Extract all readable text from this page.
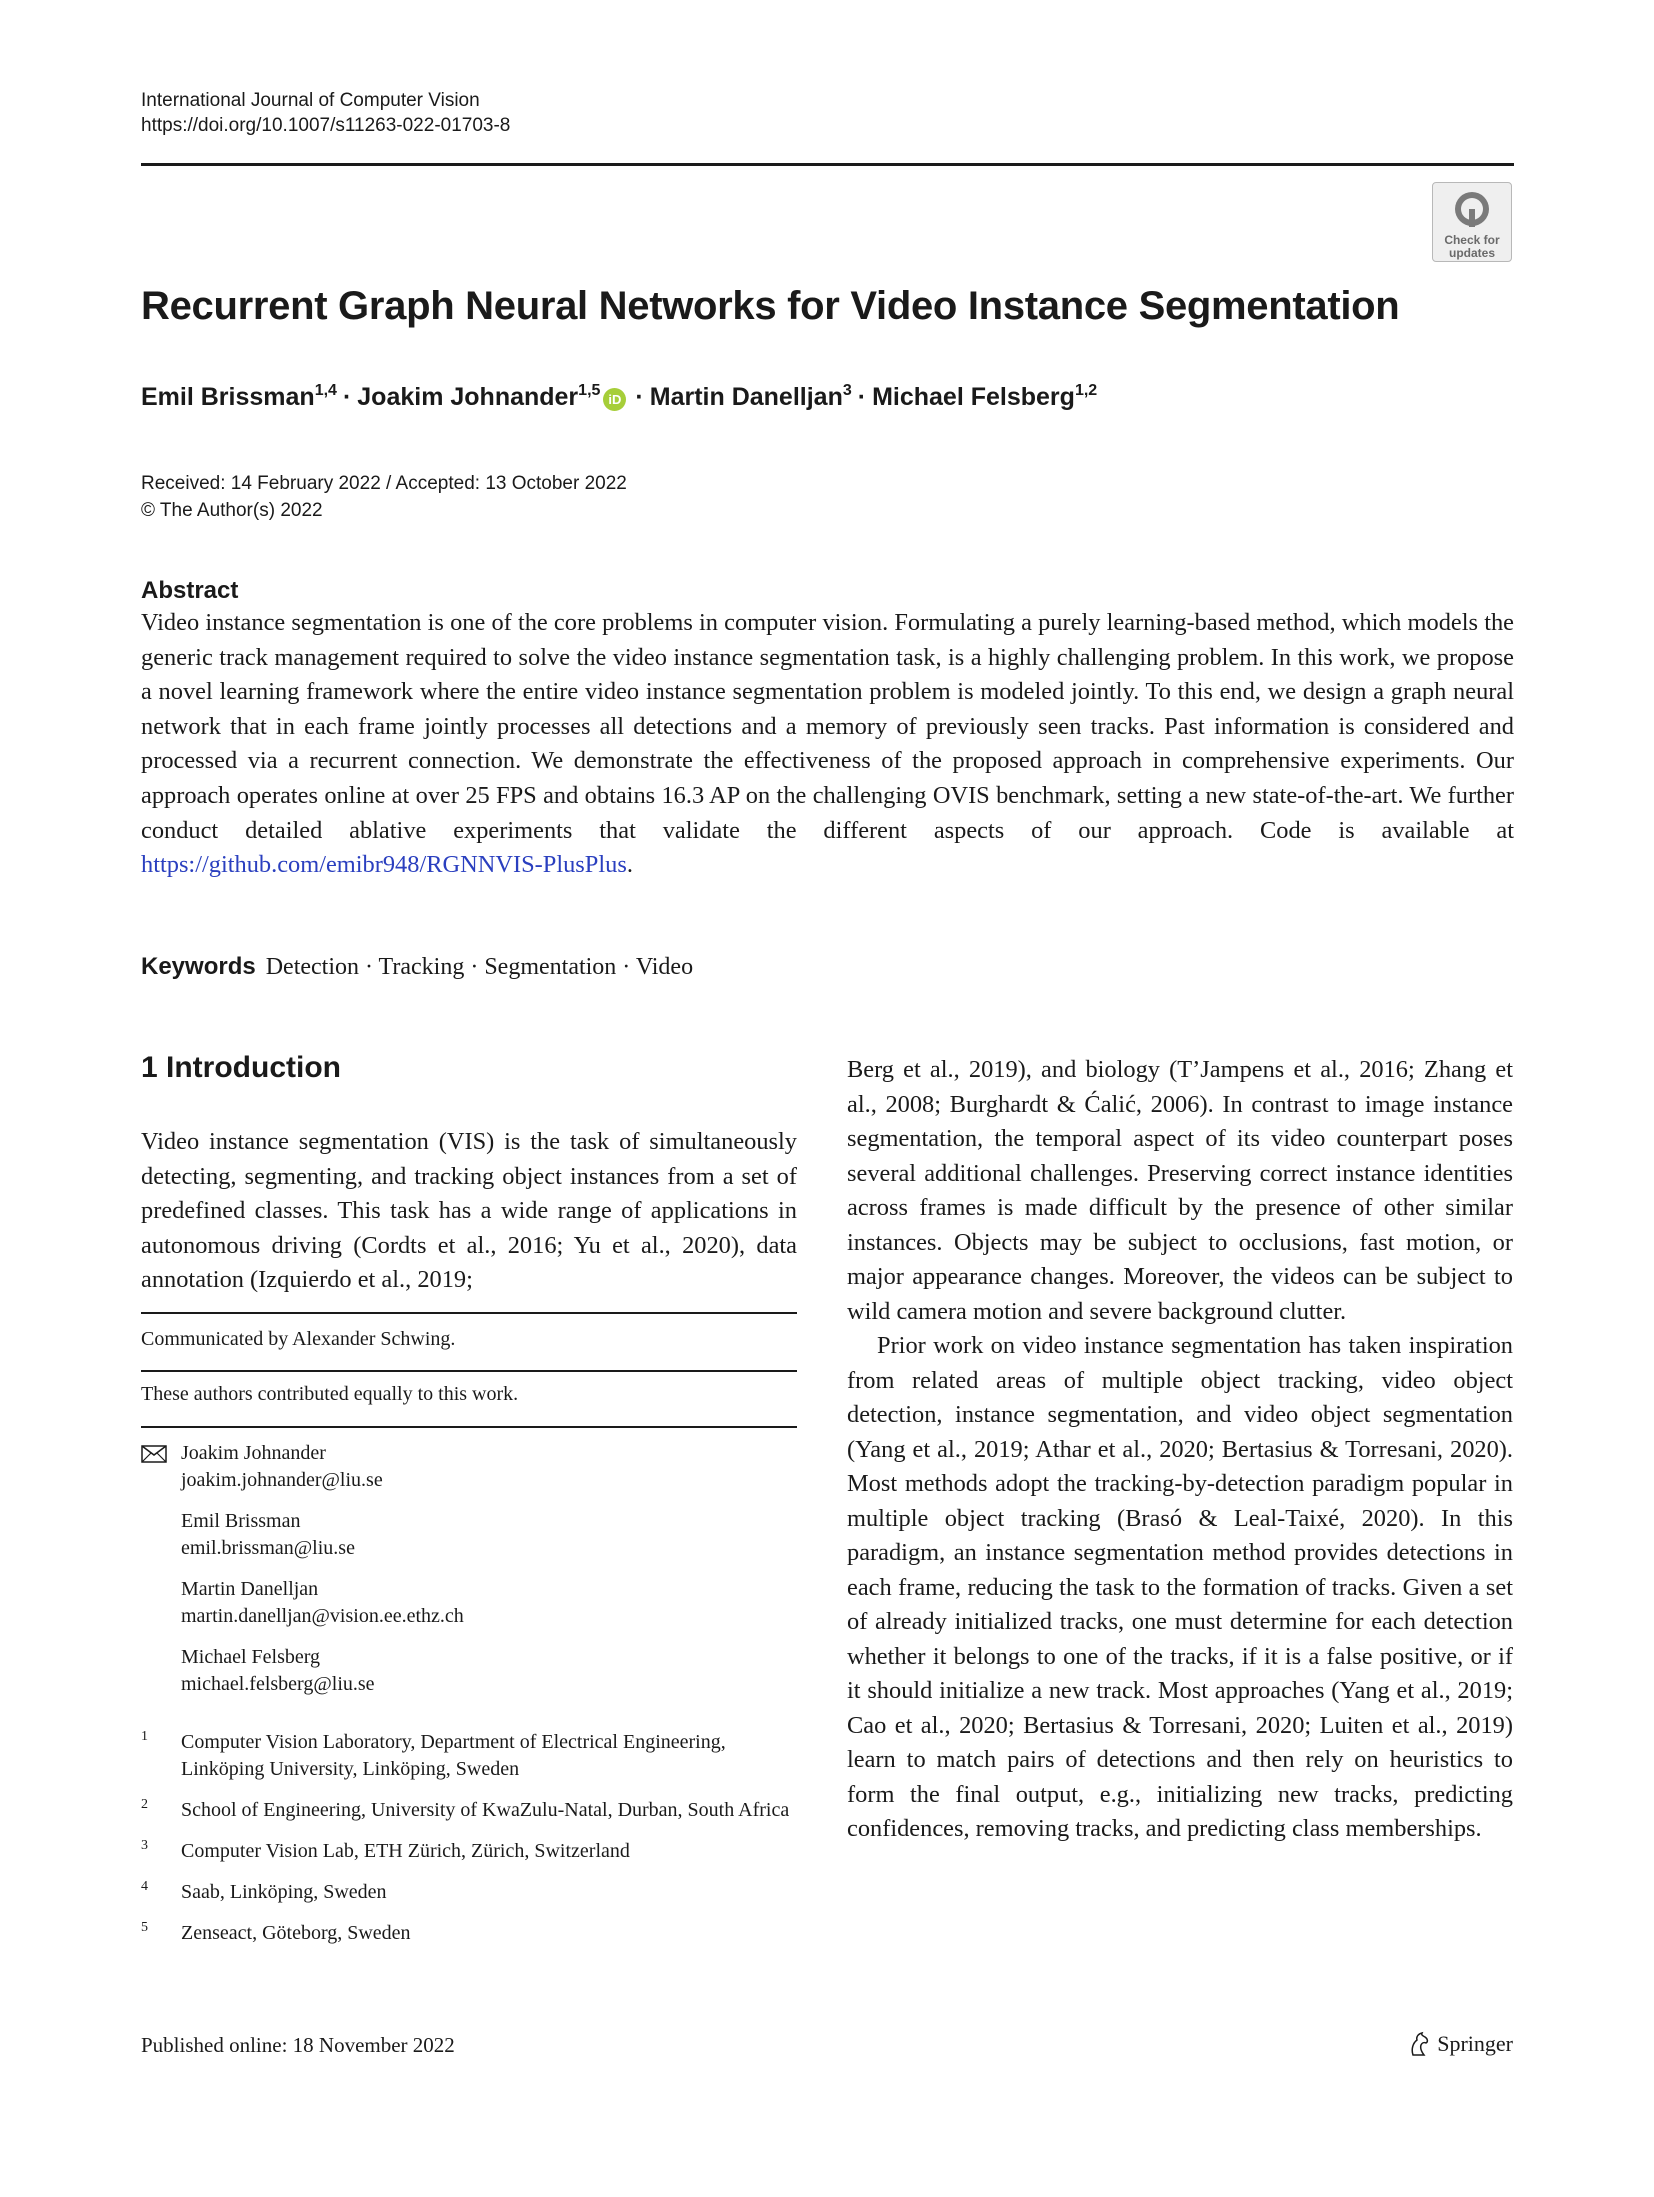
International Journal of Computer Vision
https://doi.org/10.1007/s11263-022-01703-8
Check for
updates
Recurrent Graph Neural Networks for Video Instance Segmentation
Emil Brissman$^{1,4}$ · Joakim Johnander$^{1,5}$iD · Martin Danelljan$^3$ · Michael Felsberg$^{1,2}$
Received: 14 February 2022 / Accepted: 13 October 2022
© The Author(s) 2022
Abstract

Video instance segmentation is one of the core problems in computer vision. Formulating a purely learning-based method, which models the generic track management required to solve the video instance segmentation task, is a highly challenging problem. In this work, we propose a novel learning framework where the entire video instance segmentation problem is modeled jointly. To this end, we design a graph neural network that in each frame jointly processes all detections and a memory of previously seen tracks. Past information is considered and processed via a recurrent connection. We demonstrate the effectiveness of the proposed approach in comprehensive experiments. Our approach operates online at over 25 FPS and obtains 16.3 AP on the challenging OVIS benchmark, setting a new state-of-the-art. We further conduct detailed ablative experiments that validate the different aspects of our approach. Code is available at https://github.com/emibr948/RGNNVIS-PlusPlus.

Keywords Detection · Tracking · Segmentation · Video
1 Introduction

Video instance segmentation (VIS) is the task of simultaneously detecting, segmenting, and tracking object instances from a set of predefined classes. This task has a wide range of applications in autonomous driving (Cordts et al., 2016; Yu et al., 2020), data annotation (Izquierdo et al., 2019;

Communicated by Alexander Schwing.
These authors contributed equally to this work.
Joakim Johnander
joakim.johnander@liu.se
Emil Brissman
emil.brissman@liu.se
Martin Danelljan
martin.danelljan@vision.ee.ethz.ch
Michael Felsberg
michael.felsberg@liu.se
1 Computer Vision Laboratory, Department of Electrical Engineering, Linköping University, Linköping, Sweden
2 School of Engineering, University of KwaZulu-Natal, Durban, South Africa
3 Computer Vision Lab, ETH Zürich, Zürich, Switzerland
4 Saab, Linköping, Sweden
5 Zenseact, Göteborg, Sweden

Berg et al., 2019), and biology (T’Jampens et al., 2016; Zhang et al., 2008; Burghardt & Ćalić, 2006). In contrast to image instance segmentation, the temporal aspect of its video counterpart poses several additional challenges. Preserving correct instance identities across frames is made difficult by the presence of other similar instances. Objects may be subject to occlusions, fast motion, or major appearance changes. Moreover, the videos can be subject to wild camera motion and severe background clutter.

Prior work on video instance segmentation has taken inspiration from related areas of multiple object tracking, video object detection, instance segmentation, and video object segmentation (Yang et al., 2019; Athar et al., 2020; Bertasius & Torresani, 2020). Most methods adopt the tracking-by-detection paradigm popular in multiple object tracking (Brasó & Leal-Taixé, 2020). In this paradigm, an instance segmentation method provides detections in each frame, reducing the task to the formation of tracks. Given a set of already initialized tracks, one must determine for each detection whether it belongs to one of the tracks, if it is a false positive, or if it should initialize a new track. Most approaches (Yang et al., 2019; Cao et al., 2020; Bertasius & Torresani, 2020; Luiten et al., 2019) learn to match pairs of detections and then rely on heuristics to form the final output, e.g., initializing new tracks, predicting confidences, removing tracks, and predicting class memberships.

Published online: 18 November 2022	Springer
